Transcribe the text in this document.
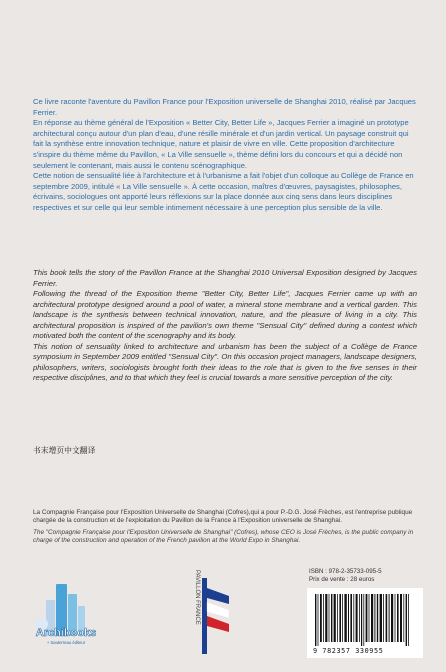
Ce livre raconte l'aventure du Pavillon France pour l'Exposition universelle de Shanghai 2010, réalisé par Jacques Ferrier.

En réponse au thème général de l'Exposition « Better City, Better Life », Jacques Ferrier a imaginé un prototype architectural conçu autour d'un plan d'eau, d'une résille minérale et d'un jardin vertical. Un paysage construit qui fait la synthèse entre innovation technique, nature et plaisir de vivre en ville. Cette proposition d'architecture s'inspire du thème même du Pavillon, « La Ville sensuelle », thème défini lors du concours et qui a décidé non seulement le contenant, mais aussi le contenu scénographique.

Cette notion de sensualité liée à l'architecture et à l'urbanisme a fait l'objet d'un colloque au Collège de France en septembre 2009, intitulé « La Ville sensuelle ». À cette occasion, maîtres d'œuvres, paysagistes, philosophes, écrivains, sociologues ont apporté leurs réflexions sur la place donnée aux cinq sens dans leurs disciplines respectives et sur celle qui leur semble intimement nécessaire à une perception plus sensible de la ville.

This book tells the story of the Pavillon France at the Shanghai 2010 Universal Exposition designed by Jacques Ferrier.

Following the thread of the Exposition theme "Better City, Better Life", Jacques Ferrier came up with an architectural prototype designed around a pool of water, a mineral stone membrane and a vertical garden. This landscape is the synthesis between technical innovation, nature, and the pleasure of living in a city. This architectural proposition is inspired of the pavilion's own theme "Sensual City" defined during a contest which motivated both the content of the scenography and its body.

This notion of sensuality linked to architecture and urbanism has been the subject of a Collège de France symposium in September 2009 entitled "Sensual City". On this occasion project managers, landscape designers, philosophers, writers, sociologists brought forth their ideas to the role that is given to the five senses in their respective disciplines, and to that which they feel is crucial towards a more sensitive perception of the city.

书末增页中文翻译

La Compagnie Française pour l'Exposition Universelle de Shanghai (Cofres),qui a pour P.-D.G. José Frèches, est l'entreprise publique chargée de la construction et de l'exploitation du Pavillon de la France à l'Exposition universelle de Shanghai.

The "Compagnie Française pour l'Exposition Universelle de Shanghai" (Cofres), whose CEO is José Frèches, is the public company in charge of the construction and operation of the French pavilion at the World Expo in Shanghai.

Archibooks
+ Sauterreau éditeur
PAVILLON FRANCE	ISBN : 978-2-35733-095-5
Prix de vente : 28 euros
9 782357 330955
